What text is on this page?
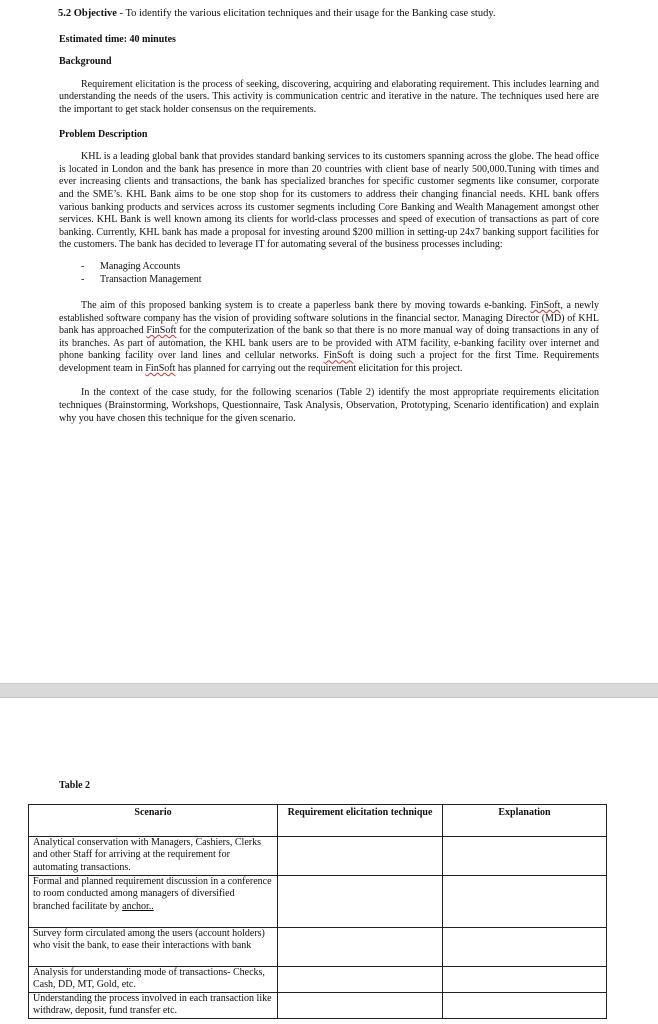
5.2 Objective - To identify the various elicitation techniques and their usage for the Banking case study.
Estimated time: 40 minutes
Background
Requirement elicitation is the process of seeking, discovering, acquiring and elaborating requirement. This includes learning and understanding the needs of the users. This activity is communication centric and iterative in the nature. The techniques used here are the important to get stack holder consensus on the requirements.
Problem Description
KHL is a leading global bank that provides standard banking services to its customers spanning across the globe. The head office is located in London and the bank has presence in more than 20 countries with client base of nearly 500,000.Tuning with times and ever increasing clients and transactions, the bank has specialized branches for specific customer segments like consumer, corporate and the SME’s. KHL Bank aims to be one stop shop for its customers to address their changing financial needs. KHL bank offers various banking products and services across its customer segments including Core Banking and Wealth Management amongst other services. KHL Bank is well known among its clients for world-class processes and speed of execution of transactions as part of core banking. Currently, KHL bank has made a proposal for investing around $200 million in setting-up 24x7 banking support facilities for the customers. The bank has decided to leverage IT for automating several of the business processes including:
- Managing Accounts
- Transaction Management
The aim of this proposed banking system is to create a paperless bank there by moving towards e-banking. FinSoft, a newly established software company has the vision of providing software solutions in the financial sector. Managing Director (MD) of KHL bank has approached FinSoft for the computerization of the bank so that there is no more manual way of doing transactions in any of its branches. As part of automation, the KHL bank users are to be provided with ATM facility, e-banking facility over internet and phone banking facility over land lines and cellular networks. FinSoft is doing such a project for the first Time. Requirements development team in FinSoft has planned for carrying out the requirement elicitation for this project.
In the context of the case study, for the following scenarios (Table 2) identify the most appropriate requirements elicitation techniques (Brainstorming, Workshops, Questionnaire, Task Analysis, Observation, Prototyping, Scenario identification) and explain why you have chosen this technique for the given scenario.
Table 2
Scenario	Requirement elicitation technique	Explanation
Analytical conservation with Managers, Cashiers, Clerks and other Staff for arriving at the requirement for automating transactions.		
Formal and planned requirement discussion in a conference to room conducted among managers of diversified branched facilitate by anchor..		
Survey form circulated among the users (account holders) who visit the bank, to ease their interactions with bank		
Analysis for understanding mode of transactions- Checks, Cash, DD, MT, Gold, etc.		
Understanding the process involved in each transaction like withdraw, deposit, fund transfer etc.		
